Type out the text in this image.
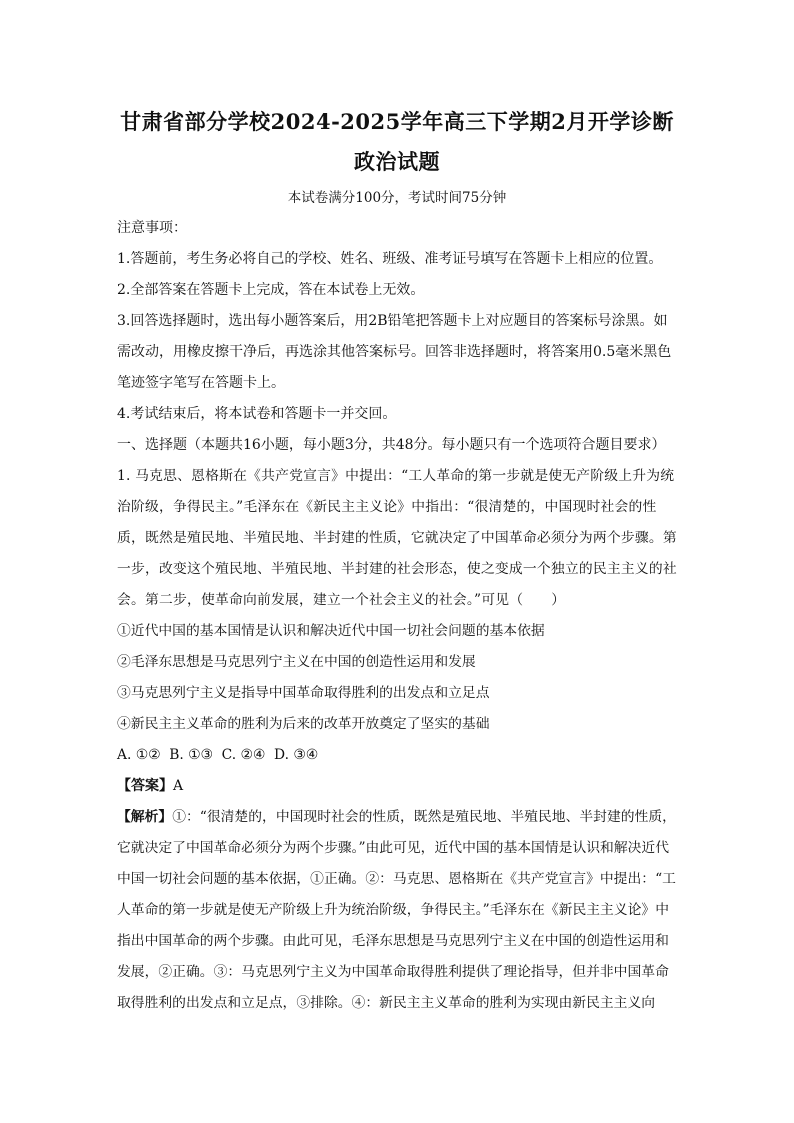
甘肃省部分学校2024-2025学年高三下学期2月开学诊断
政治试题
本试卷满分100分，考试时间75分钟

注意事项：

1.答题前，考生务必将自己的学校、姓名、班级、准考证号填写在答题卡上相应的位置。

2.全部答案在答题卡上完成，答在本试卷上无效。

3.回答选择题时，选出每小题答案后，用2B铅笔把答题卡上对应题目的答案标号涂黑。如需改动，用橡皮擦干净后，再选涂其他答案标号。回答非选择题时，将答案用0.5毫米黑色笔迹签字笔写在答题卡上。

4.考试结束后，将本试卷和答题卡一并交回。

一、选择题（本题共16小题，每小题3分，共48分。每小题只有一个选项符合题目要求）

1. 马克思、恩格斯在《共产党宣言》中提出：“工人革命的第一步就是使无产阶级上升为统治阶级，争得民主。”毛泽东在《新民主主义论》中指出：“很清楚的，中国现时社会的性质，既然是殖民地、半殖民地、半封建的性质，它就决定了中国革命必须分为两个步骤。第一步，改变这个殖民地、半殖民地、半封建的社会形态，使之变成一个独立的民主主义的社会。第二步，使革命向前发展，建立一个社会主义的社会。”可见（　　）

①近代中国的基本国情是认识和解决近代中国一切社会问题的基本依据

②毛泽东思想是马克思列宁主义在中国的创造性运用和发展

③马克思列宁主义是指导中国革命取得胜利的出发点和立足点

④新民主主义革命的胜利为后来的改革开放奠定了坚实的基础

A. ①②  B. ①③  C. ②④  D. ③④

【答案】A

【解析】①：“很清楚的，中国现时社会的性质，既然是殖民地、半殖民地、半封建的性质，它就决定了中国革命必须分为两个步骤。”由此可见，近代中国的基本国情是认识和解决近代中国一切社会问题的基本依据，①正确。②：马克思、恩格斯在《共产党宣言》中提出：“工人革命的第一步就是使无产阶级上升为统治阶级，争得民主。”毛泽东在《新民主主义论》中指出中国革命的两个步骤。由此可见，毛泽东思想是马克思列宁主义在中国的创造性运用和发展，②正确。③：马克思列宁主义为中国革命取得胜利提供了理论指导，但并非中国革命取得胜利的出发点和立足点，③排除。④：新民主主义革命的胜利为实现由新民主主义向
